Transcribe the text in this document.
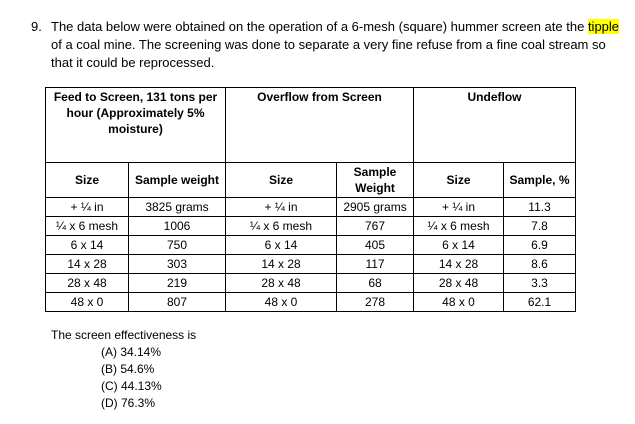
9. The data below were obtained on the operation of a 6-mesh (square) hummer screen ate the tipple of a coal mine. The screening was done to separate a very fine refuse from a fine coal stream so that it could be reprocessed.
Feed to Screen, 131 tons per hour (Approximately 5% moisture)		Overflow from Screen		Undeflow	
Size	Sample weight	Size	Sample Weight	Size	Sample, %
+ ¼ in	3825 grams	+ ¼ in	2905 grams	+ ¼ in	11.3
¼ x 6 mesh	1006	¼ x 6 mesh	767	¼ x 6 mesh	7.8
6 x 14	750	6 x 14	405	6 x 14	6.9
14 x 28	303	14 x 28	117	14 x 28	8.6
28 x 48	219	28 x 48	68	28 x 48	3.3
48 x 0	807	48 x 0	278	48 x 0	62.1
The screen effectiveness is
(A) 34.14%
(B) 54.6%
(C) 44.13%
(D) 76.3%
